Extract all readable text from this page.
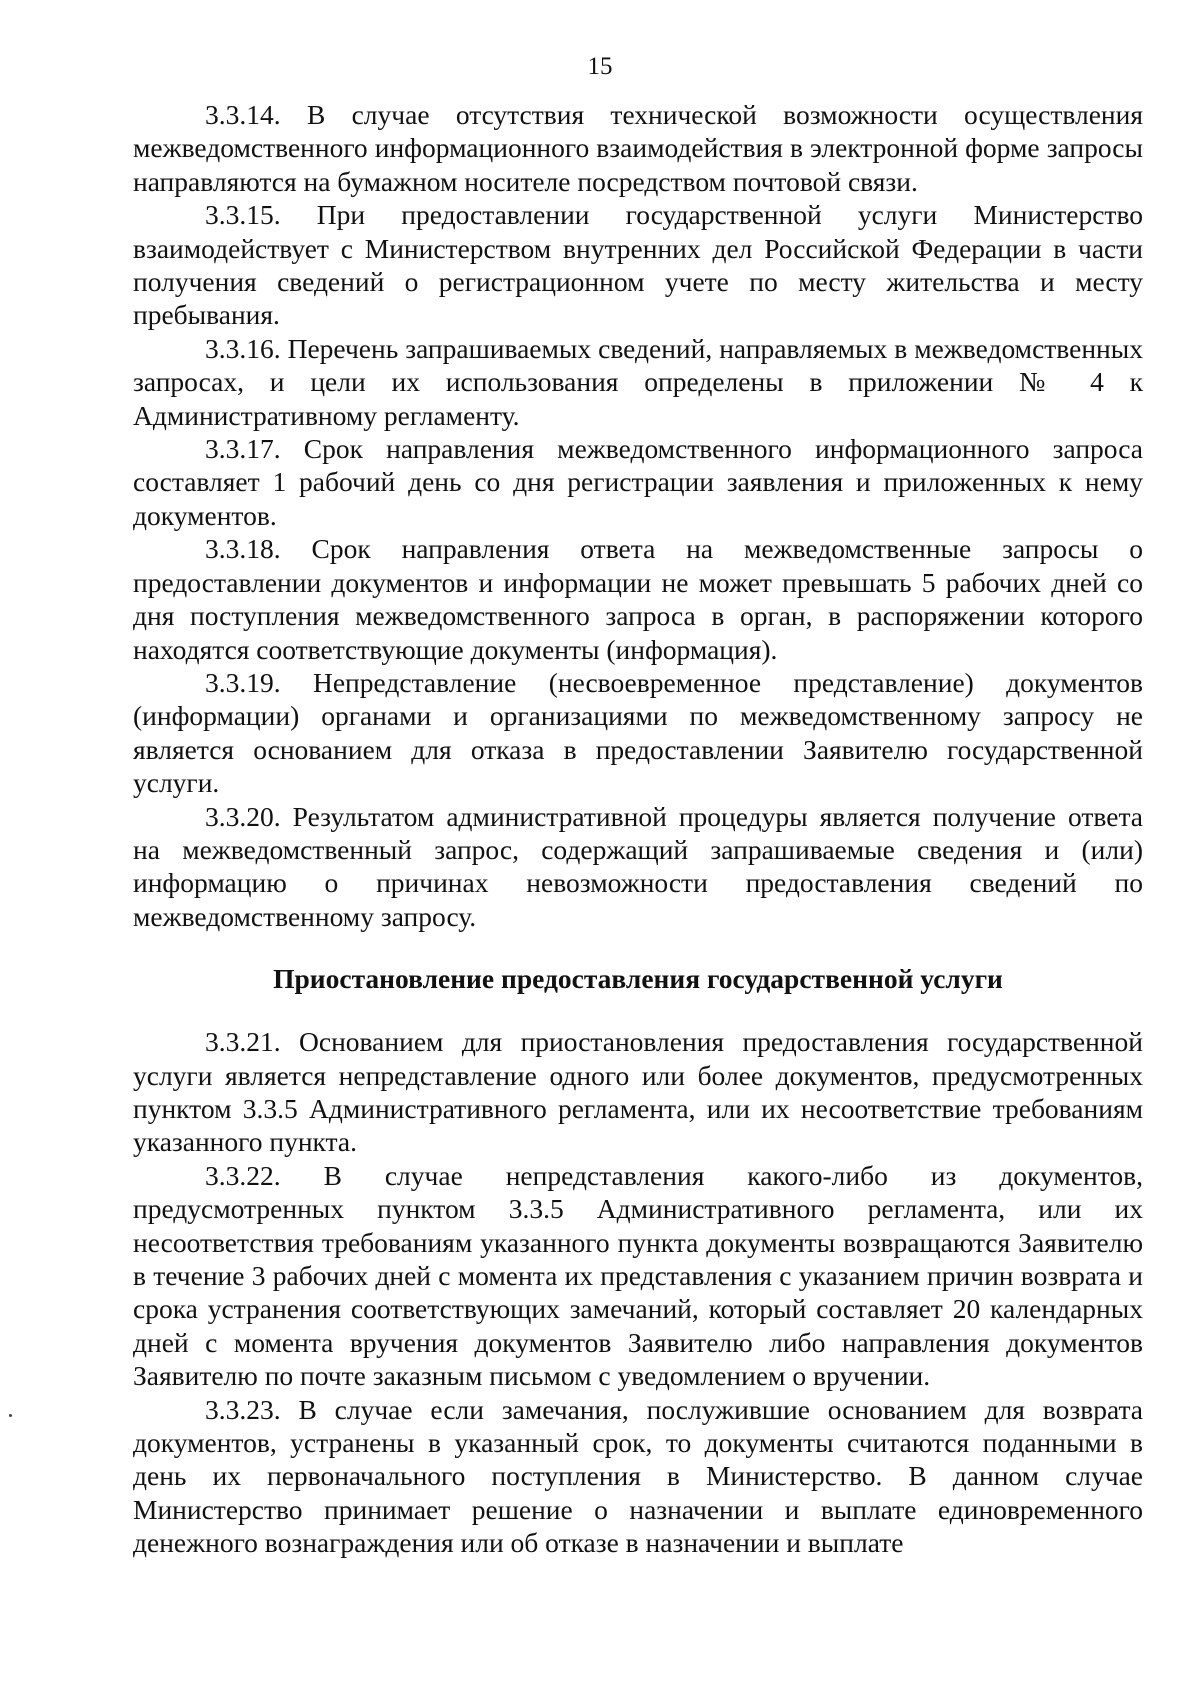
15

3.3.14. В случае отсутствия технической возможности осуществления межведомственного информационного взаимодействия в электронной форме запросы направляются на бумажном носителе посредством почтовой связи.

3.3.15. При предоставлении государственной услуги Министерство взаимодействует с Министерством внутренних дел Российской Федерации в части получения сведений о регистрационном учете по месту жительства и месту пребывания.

3.3.16. Перечень запрашиваемых сведений, направляемых в межведомственных запросах, и цели их использования определены в приложении № 4 к Административному регламенту.

3.3.17. Срок направления межведомственного информационного запроса составляет 1 рабочий день со дня регистрации заявления и приложенных к нему документов.

3.3.18. Срок направления ответа на межведомственные запросы о предоставлении документов и информации не может превышать 5 рабочих дней со дня поступления межведомственного запроса в орган, в распоряжении которого находятся соответствующие документы (информация).

3.3.19. Непредставление (несвоевременное представление) документов (информации) органами и организациями по межведомственному запросу не является основанием для отказа в предоставлении Заявителю государственной услуги.

3.3.20. Результатом административной процедуры является получение ответа на межведомственный запрос, содержащий запрашиваемые сведения и (или) информацию о причинах невозможности предоставления сведений по межведомственному запросу.

Приостановление предоставления государственной услуги

3.3.21. Основанием для приостановления предоставления государственной услуги является непредставление одного или более документов, предусмотренных пунктом 3.3.5 Административного регламента, или их несоответствие требованиям указанного пункта.

3.3.22. В случае непредставления какого-либо из документов, предусмотренных пунктом 3.3.5 Административного регламента, или их несоответствия требованиям указанного пункта документы возвращаются Заявителю в течение 3 рабочих дней с момента их представления с указанием причин возврата и срока устранения соответствующих замечаний, который составляет 20 календарных дней с момента вручения документов Заявителю либо направления документов Заявителю по почте заказным письмом с уведомлением о вручении.

3.3.23. В случае если замечания, послужившие основанием для возврата документов, устранены в указанный срок, то документы считаются поданными в день их первоначального поступления в Министерство. В данном случае Министерство принимает решение о назначении и выплате единовременного денежного вознаграждения или об отказе в назначении и выплате
